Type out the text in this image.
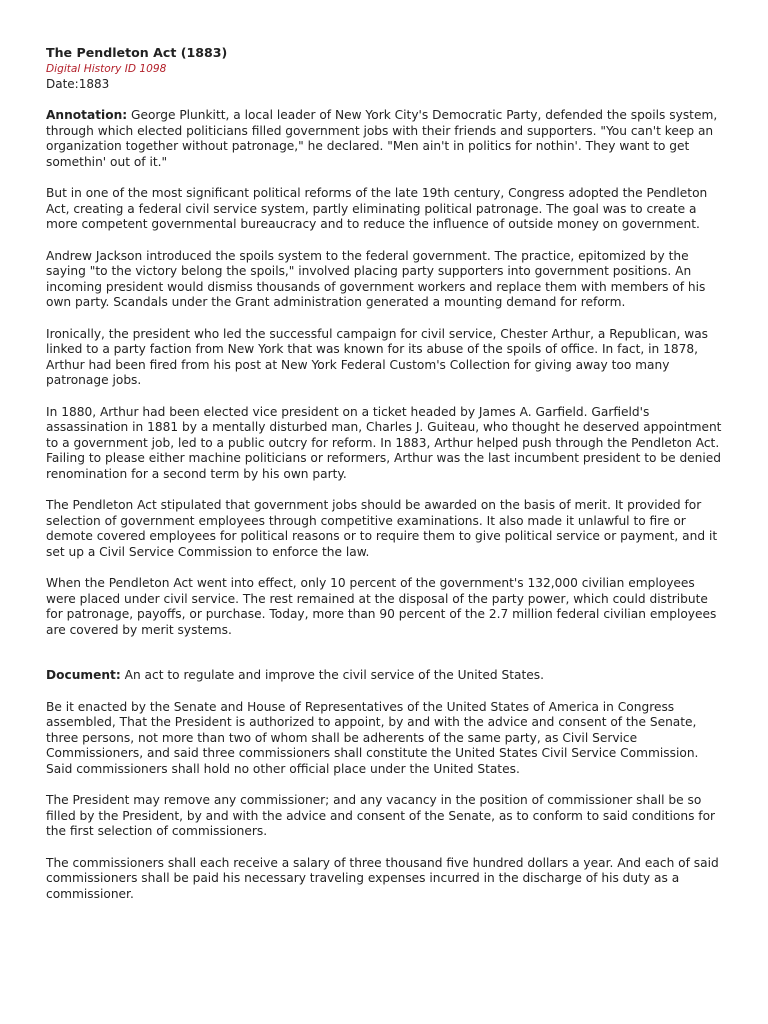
The Pendleton Act (1883)
Digital History ID 1098
Date:1883

Annotation: George Plunkitt, a local leader of New York City's Democratic Party, defended the spoils system, through which elected politicians filled government jobs with their friends and supporters. "You can't keep an organization together without patronage," he declared. "Men ain't in politics for nothin'. They want to get somethin' out of it."

But in one of the most significant political reforms of the late 19th century, Congress adopted the Pendleton Act, creating a federal civil service system, partly eliminating political patronage. The goal was to create a more competent governmental bureaucracy and to reduce the influence of outside money on government.

Andrew Jackson introduced the spoils system to the federal government. The practice, epitomized by the saying "to the victory belong the spoils," involved placing party supporters into government positions. An incoming president would dismiss thousands of government workers and replace them with members of his own party. Scandals under the Grant administration generated a mounting demand for reform.

Ironically, the president who led the successful campaign for civil service, Chester Arthur, a Republican, was linked to a party faction from New York that was known for its abuse of the spoils of office. In fact, in 1878, Arthur had been fired from his post at New York Federal Custom's Collection for giving away too many patronage jobs.

In 1880, Arthur had been elected vice president on a ticket headed by James A. Garfield. Garfield's assassination in 1881 by a mentally disturbed man, Charles J. Guiteau, who thought he deserved appointment to a government job, led to a public outcry for reform. In 1883, Arthur helped push through the Pendleton Act. Failing to please either machine politicians or reformers, Arthur was the last incumbent president to be denied renomination for a second term by his own party.

The Pendleton Act stipulated that government jobs should be awarded on the basis of merit. It provided for selection of government employees through competitive examinations. It also made it unlawful to fire or demote covered employees for political reasons or to require them to give political service or payment, and it set up a Civil Service Commission to enforce the law.

When the Pendleton Act went into effect, only 10 percent of the government's 132,000 civilian employees were placed under civil service. The rest remained at the disposal of the party power, which could distribute for patronage, payoffs, or purchase. Today, more than 90 percent of the 2.7 million federal civilian employees are covered by merit systems.

Document: An act to regulate and improve the civil service of the United States.

Be it enacted by the Senate and House of Representatives of the United States of America in Congress assembled, That the President is authorized to appoint, by and with the advice and consent of the Senate, three persons, not more than two of whom shall be adherents of the same party, as Civil Service Commissioners, and said three commissioners shall constitute the United States Civil Service Commission. Said commissioners shall hold no other official place under the United States.

The President may remove any commissioner; and any vacancy in the position of commissioner shall be so filled by the President, by and with the advice and consent of the Senate, as to conform to said conditions for the first selection of commissioners.

The commissioners shall each receive a salary of three thousand five hundred dollars a year. And each of said commissioners shall be paid his necessary traveling expenses incurred in the discharge of his duty as a commissioner.
